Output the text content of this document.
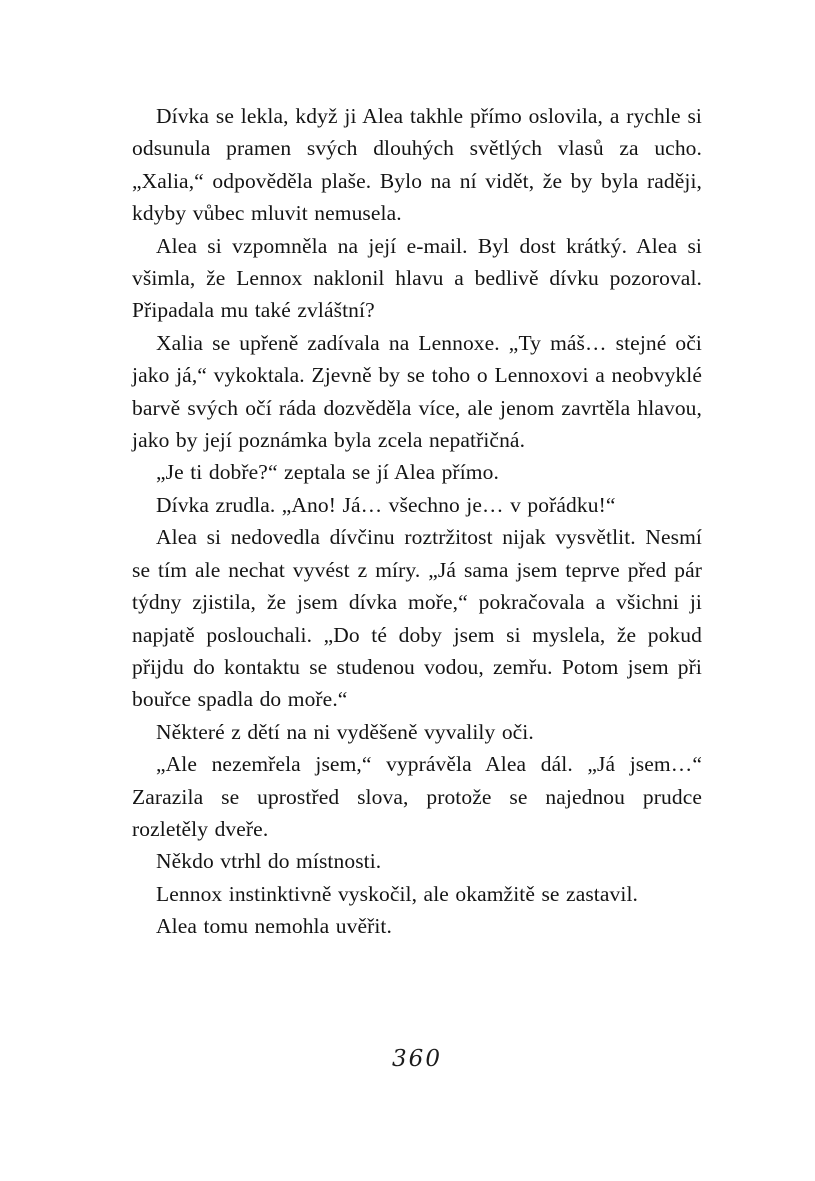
Dívka se lekla, když ji Alea takhle přímo oslovila, a rychle si odsunula pramen svých dlouhých světlých vlasů za ucho. „Xalia,“ odpověděla plaše. Bylo na ní vidět, že by byla raději, kdyby vůbec mluvit nemusela.

Alea si vzpomněla na její e-mail. Byl dost krátký. Alea si všimla, že Lennox naklonil hlavu a bedlivě dívku pozoroval. Připadala mu také zvláštní?

Xalia se upřeně zadívala na Lennoxe. „Ty máš… stejné oči jako já,“ vykoktala. Zjevně by se toho o Lennoxovi a neobvyklé barvě svých očí ráda dozvěděla více, ale jenom zavrtěla hlavou, jako by její poznámka byla zcela nepatřičná.

„Je ti dobře?“ zeptala se jí Alea přímo.

Dívka zrudla. „Ano! Já… všechno je… v pořádku!“

Alea si nedovedla dívčinu roztržitost nijak vysvětlit. Nesmí se tím ale nechat vyvést z míry. „Já sama jsem teprve před pár týdny zjistila, že jsem dívka moře,“ pokračovala a všichni ji napjatě poslouchali. „Do té doby jsem si myslela, že pokud přijdu do kontaktu se studenou vodou, zemřu. Potom jsem při bouřce spadla do moře.“

Některé z dětí na ni vyděšeně vyvalily oči.

„Ale nezemřela jsem,“ vyprávěla Alea dál. „Já jsem…“ Zarazila se uprostřed slova, protože se najednou prudce rozletěly dveře.

Někdo vtrhl do místnosti.

Lennox instinktivně vyskočil, ale okamžitě se zastavil.

Alea tomu nemohla uvěřit.

360
